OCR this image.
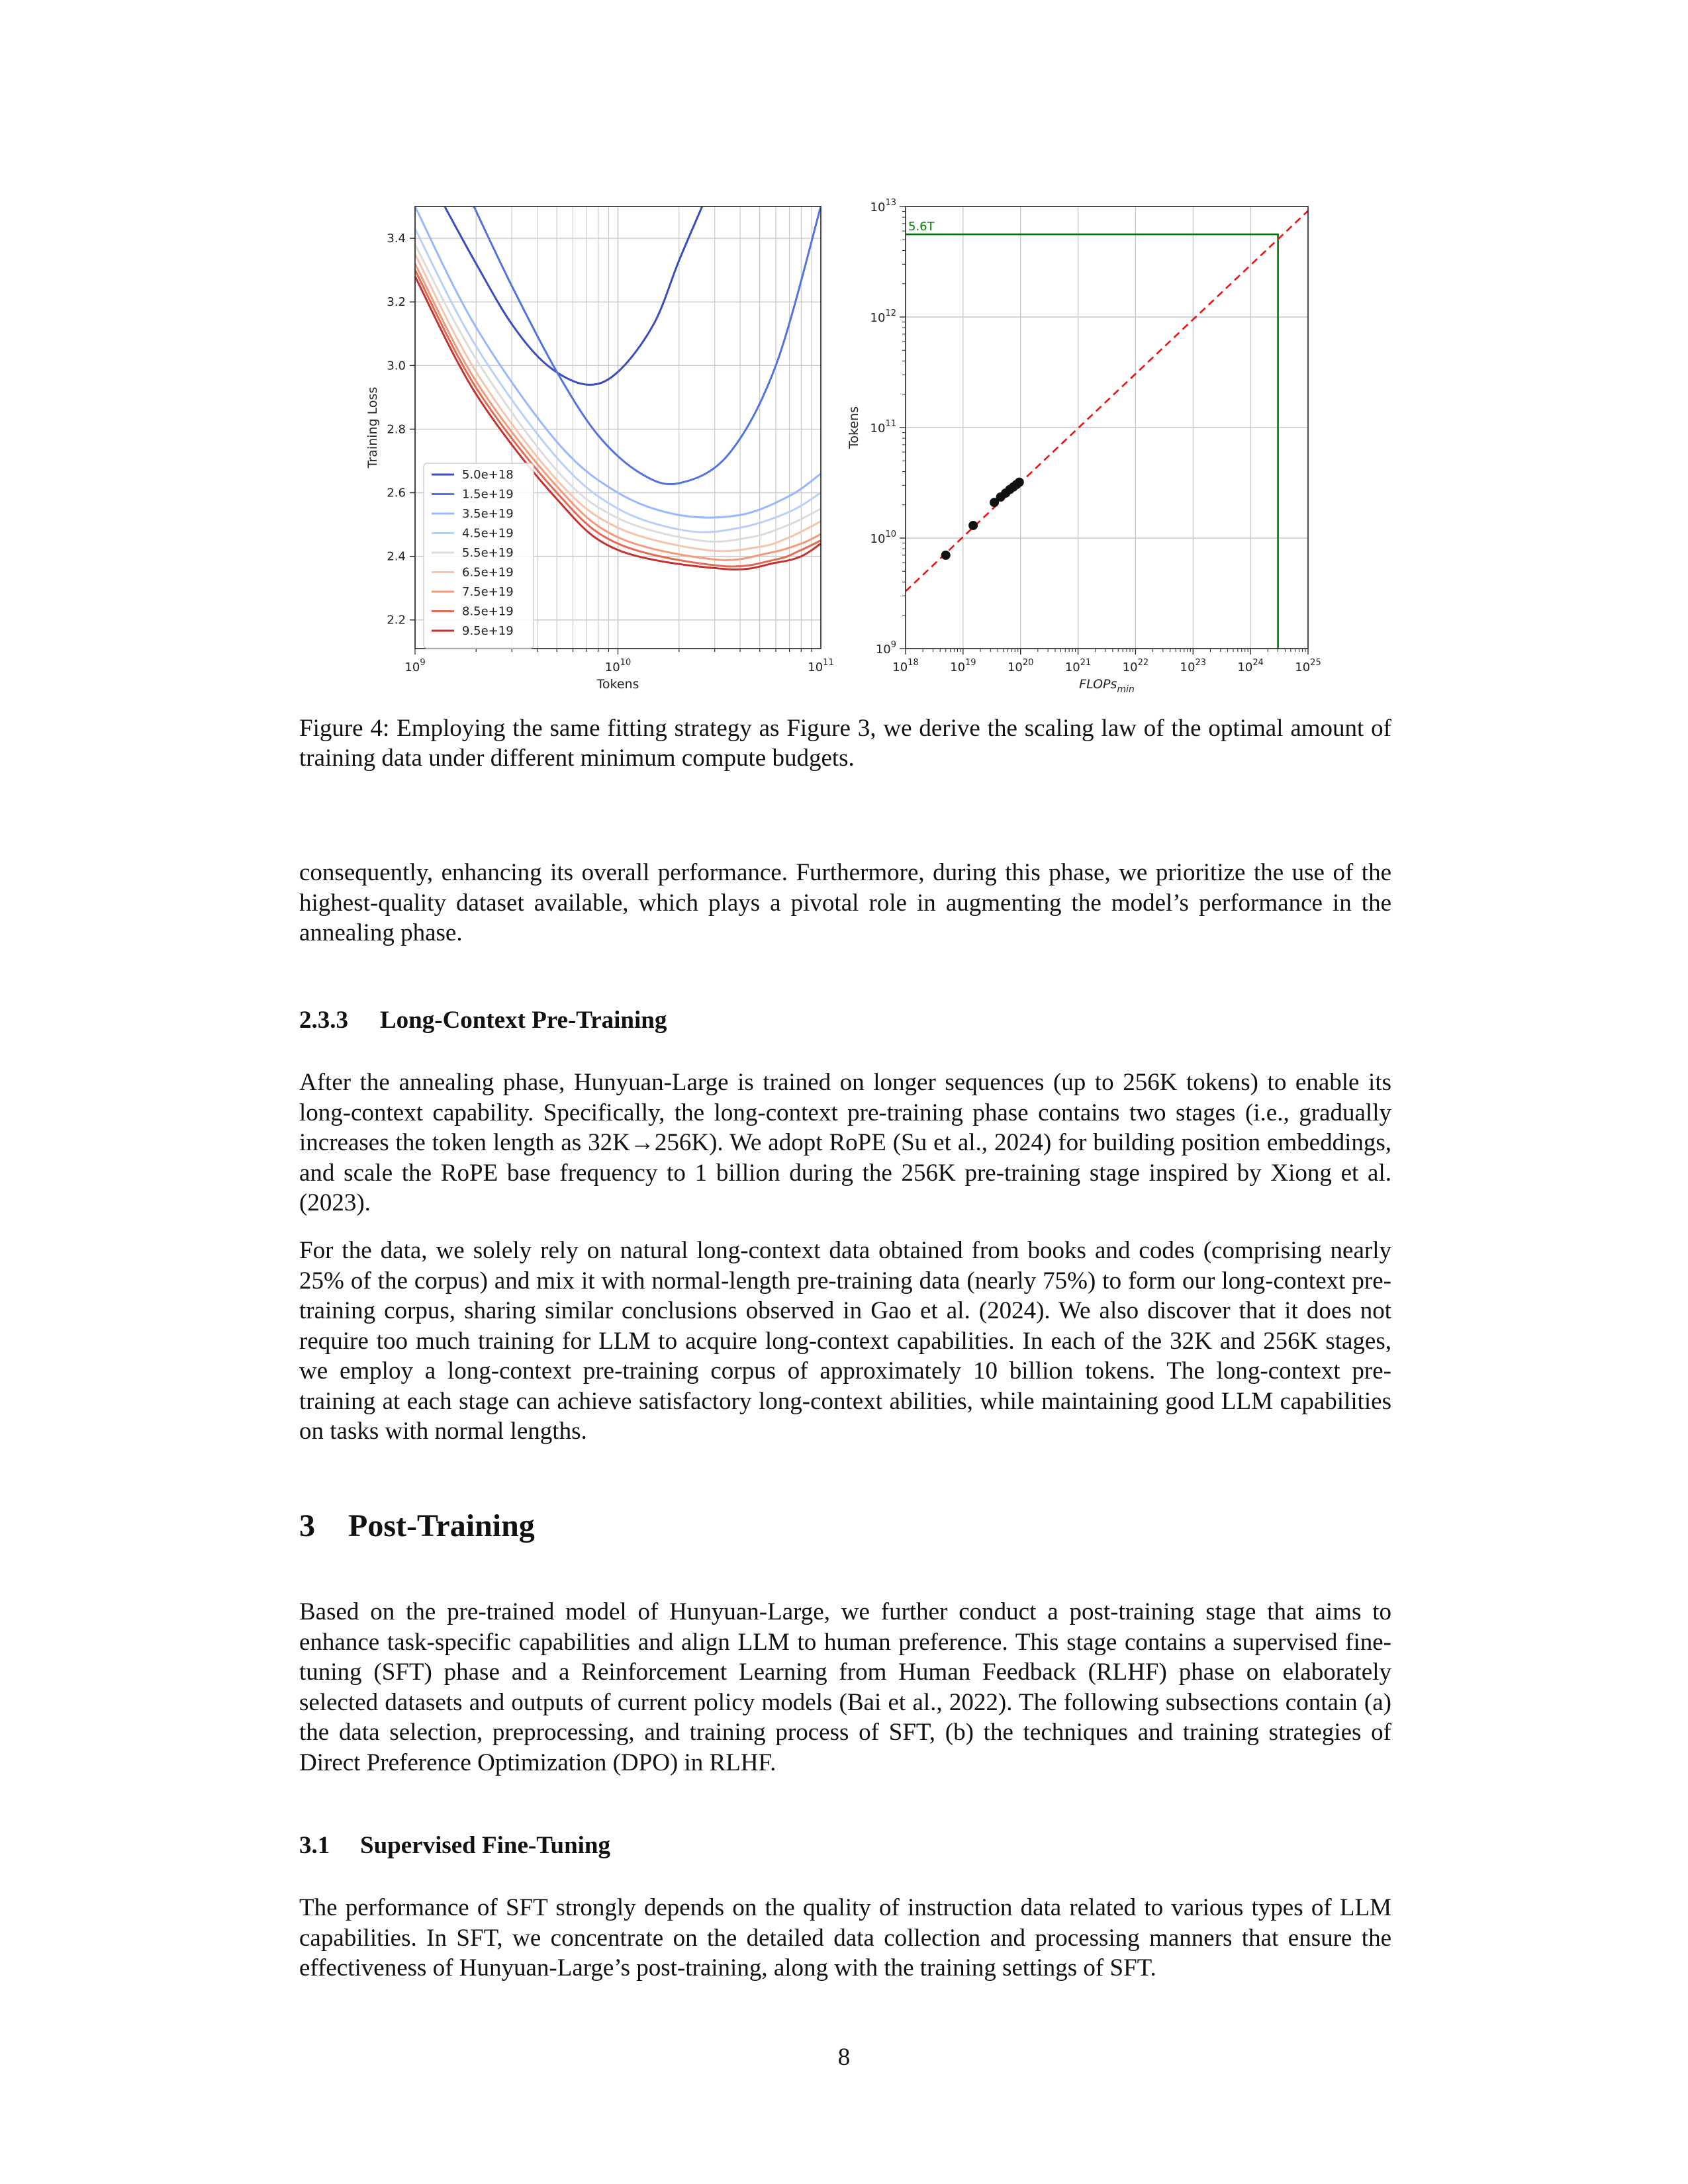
2.2
2.4
2.6
2.8
3.0
3.2
3.4
$10^9$	$10^{10}$	$10^{11}$
5.0e+18
1.5e+19
3.5e+19
4.5e+19
5.5e+19
6.5e+19
7.5e+19
8.5e+19
9.5e+19
Tokens
Training Loss
$10^{18}$	$10^{19}$	$10^{20}$	$10^{21}$	$10^{22}$	$10^{23}$	$10^{24}$	$10^{25}$
$10^9$
$10^{10}$
$10^{11}$
$10^{12}$
$10^{13}$
5.6T
FLOPs$_{min}$
Tokens

Figure 4: Employing the same fitting strategy as Figure 3, we derive the scaling law of the optimal amount of training data under different minimum compute budgets.

consequently, enhancing its overall performance. Furthermore, during this phase, we prioritize the use of the highest-quality dataset available, which plays a pivotal role in augmenting the model’s performance in the annealing phase.

2.3.3 Long-Context Pre-Training

After the annealing phase, Hunyuan-Large is trained on longer sequences (up to 256K tokens) to enable its long-context capability. Specifically, the long-context pre-training phase contains two stages (i.e., gradually increases the token length as 32K→256K). We adopt RoPE (Su et al., 2024) for building position embeddings, and scale the RoPE base frequency to 1 billion during the 256K pre-training stage inspired by Xiong et al. (2023).

For the data, we solely rely on natural long-context data obtained from books and codes (comprising nearly 25% of the corpus) and mix it with normal-length pre-training data (nearly 75%) to form our long-context pre-training corpus, sharing similar conclusions observed in Gao et al. (2024). We also discover that it does not require too much training for LLM to acquire long-context capabilities. In each of the 32K and 256K stages, we employ a long-context pre-training corpus of approximately 10 billion tokens. The long-context pre-training at each stage can achieve satisfactory long-context abilities, while maintaining good LLM capabilities on tasks with normal lengths.

3 Post-Training

Based on the pre-trained model of Hunyuan-Large, we further conduct a post-training stage that aims to enhance task-specific capabilities and align LLM to human preference. This stage contains a supervised fine-tuning (SFT) phase and a Reinforcement Learning from Human Feedback (RLHF) phase on elaborately selected datasets and outputs of current policy models (Bai et al., 2022). The following subsections contain (a) the data selection, preprocessing, and training process of SFT, (b) the techniques and training strategies of Direct Preference Optimization (DPO) in RLHF.

3.1 Supervised Fine-Tuning

The performance of SFT strongly depends on the quality of instruction data related to various types of LLM capabilities. In SFT, we concentrate on the detailed data collection and processing manners that ensure the effectiveness of Hunyuan-Large’s post-training, along with the training settings of SFT.

8
